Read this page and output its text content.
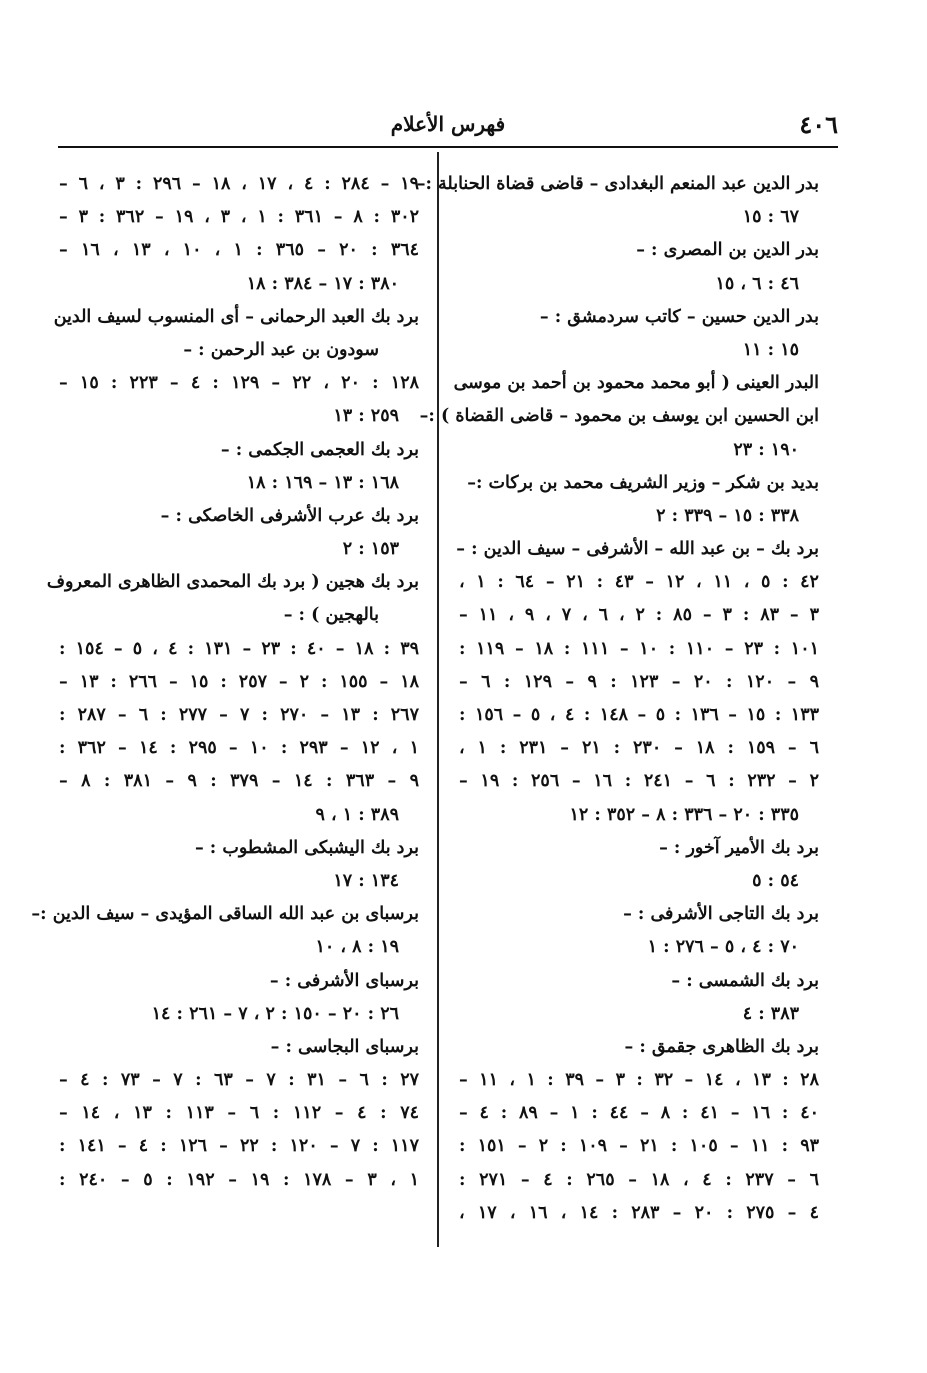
٤٠٦
فهرس الأعلام
بدر الدين عبد المنعم البغدادى – قاضى قضاة الحنابلة :–
٦٧ : ١٥
بدر الدين بن المصرى : –
٤٦ : ٦ ، ١٥
بدر الدين حسين – كاتب سردمشق : –
١٥ : ١١
البدر العينى ( أبو محمد محمود بن أحمد بن موسى
ابن الحسين ابن يوسف بن محمود – قاضى القضاة ) :–
١٩٠ : ٢٣
بديد بن شكر – وزير الشريف محمد بن بركات :–
٣٣٨ : ١٥ – ٣٣٩ : ٢
برد بك – بن عبد الله – الأشرفى – سيف الدين : –
٤٢ : ٥ ، ١١ ، ١٢ – ٤٣ : ٢١ – ٦٤ : ١ ،
٣ – ٨٣ : ٣ – ٨٥ : ٢ ، ٦ ، ٧ ، ٩ ، ١١ –
١٠١ : ٢٣ – ١١٠ : ١٠ – ١١١ : ١٨ – ١١٩ :
٩ – ١٢٠ : ٢٠ – ١٢٣ : ٩ – ١٢٩ : ٦ –
١٣٣ : ١٥ – ١٣٦ : ٥ – ١٤٨ : ٤ ، ٥ – ١٥٦ :
٦ – ١٥٩ : ١٨ – ٢٣٠ : ٢١ – ٢٣١ : ١ ،
٢ – ٢٣٢ : ٦ – ٢٤١ : ١٦ – ٢٥٦ : ١٩ –
٣٣٥ : ٢٠ – ٣٣٦ : ٨ – ٣٥٢ : ١٢
برد بك الأمير آخور : –
٥٤ : ٥
برد بك التاجى الأشرفى : –
٧٠ : ٤ ، ٥ – ٢٧٦ : ١
برد بك الشمسى : –
٣٨٣ : ٤
برد بك الظاهرى جقمق : –
٢٨ : ١٣ ، ١٤ – ٣٢ : ٣ – ٣٩ : ١ ، ١١ –
٤٠ : ١٦ – ٤١ : ٨ – ٤٤ : ١ – ٨٩ : ٤ –
٩٣ : ١١ – ١٠٥ : ٢١ – ١٠٩ : ٢ – ١٥١ :
٦ – ٢٣٧ : ٤ ، ١٨ – ٢٦٥ : ٤ – ٢٧١ :
٤ – ٢٧٥ : ٢٠ – ٢٨٣ : ١٤ ، ١٦ ، ١٧ ،
١٩ – ٢٨٤ : ٤ ، ١٧ ، ١٨ – ٢٩٦ : ٣ ، ٦ –
٣٠٢ : ٨ – ٣٦١ : ١ ، ٣ ، ١٩ – ٣٦٢ : ٣ –
٣٦٤ : ٢٠ – ٣٦٥ : ١ ، ١٠ ، ١٣ ، ١٦ –
٣٨٠ : ١٧ – ٣٨٤ : ١٨
برد بك العبد الرحمانى – أى المنسوب لسيف الدين
سودون بن عبد الرحمن : –
١٢٨ : ٢٠ ، ٢٢ – ١٢٩ : ٤ – ٢٢٣ : ١٥ –
٢٥٩ : ١٣
برد بك العجمى الجكمى : –
١٦٨ : ١٣ – ١٦٩ : ١٨
برد بك عرب الأشرفى الخاصكى : –
١٥٣ : ٢
برد بك هجين ( برد بك المحمدى الظاهرى المعروف
بالهجين ) : –
٣٩ : ١٨ – ٤٠ : ٢٣ – ١٣١ : ٤ ، ٥ – ١٥٤ :
١٨ – ١٥٥ : ٢ – ٢٥٧ : ١٥ – ٢٦٦ : ١٣ –
٢٦٧ : ١٣ – ٢٧٠ : ٧ – ٢٧٧ : ٦ – ٢٨٧ :
١ ، ١٢ – ٢٩٣ : ١٠ – ٢٩٥ : ١٤ – ٣٦٢ :
٩ – ٣٦٣ : ١٤ – ٣٧٩ : ٩ – ٣٨١ : ٨ –
٣٨٩ : ١ ، ٩
برد بك اليشبكى المشطوب : –
١٣٤ : ١٧
برسباى بن عبد الله الساقى المؤيدى – سيف الدين :–
١٩ : ٨ ، ١٠
برسباى الأشرفى : –
٢٦ : ٢٠ – ١٥٠ : ٢ ، ٧ – ٢٦١ : ١٤
برسباى البجاسى : –
٢٧ : ٦ – ٣١ : ٧ – ٦٣ : ٧ – ٧٣ : ٤ –
٧٤ : ٤ – ١١٢ : ٦ – ١١٣ : ١٣ ، ١٤ –
١١٧ : ٧ – ١٢٠ : ٢٢ – ١٢٦ : ٤ – ١٤١ :
١ ، ٣ – ١٧٨ : ١٩ – ١٩٢ : ٥ – ٢٤٠ :
